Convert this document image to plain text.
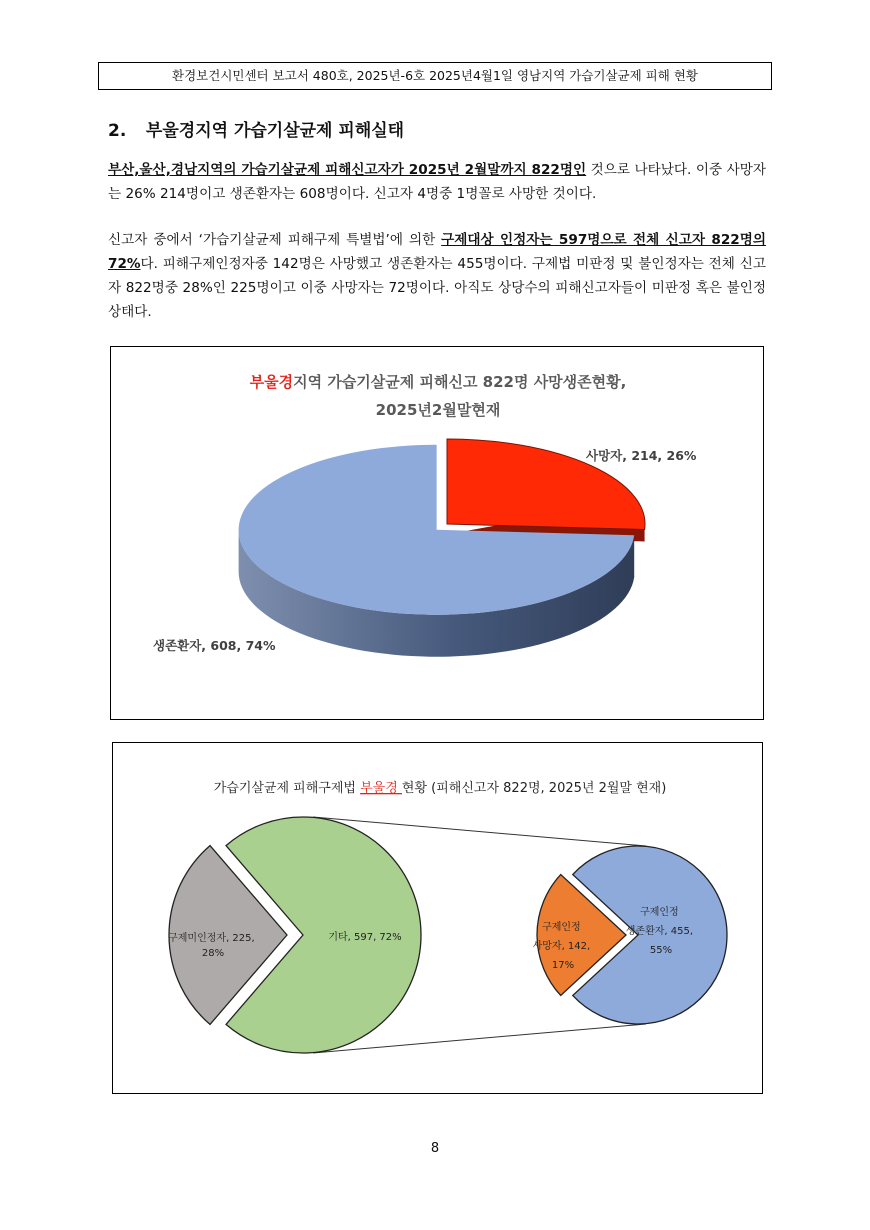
환경보건시민센터 보고서 480호, 2025년-6호 2025년4월1일 영남지역 가습기살균제 피해 현황
2. 부울경지역 가습기살균제 피해실태
부산,울산,경남지역의 가습기살균제 피해신고자가 2025년 2월말까지 822명인 것으로 나타났다. 이중 사망자는 26% 214명이고 생존환자는 608명이다. 신고자 4명중 1명꼴로 사망한 것이다.
신고자 중에서 ‘가습기살균제 피해구제 특별법’에 의한 구제대상 인정자는 597명으로 전체 신고자 822명의 72%다. 피해구제인정자중 142명은 사망했고 생존환자는 455명이다. 구제법 미판정 및 불인정자는 전체 신고자 822명중 28%인 225명이고 이중 사망자는 72명이다. 아직도 상당수의 피해신고자들이 미판정 혹은 불인정 상태다.
부울경지역 가습기살균제 피해신고 822명 사망생존현황,
2025년2월말현재
사망자, 214, 26%
생존환자, 608, 74%
가습기살균제 피해구제법 부울경 현황 (피해신고자 822명, 2025년 2월말 현재)
구제미인정자, 225, 28%
기타, 597, 72%
구제인정 사망자, 142, 17%
구제인정 생존환자, 455, 55%
8
